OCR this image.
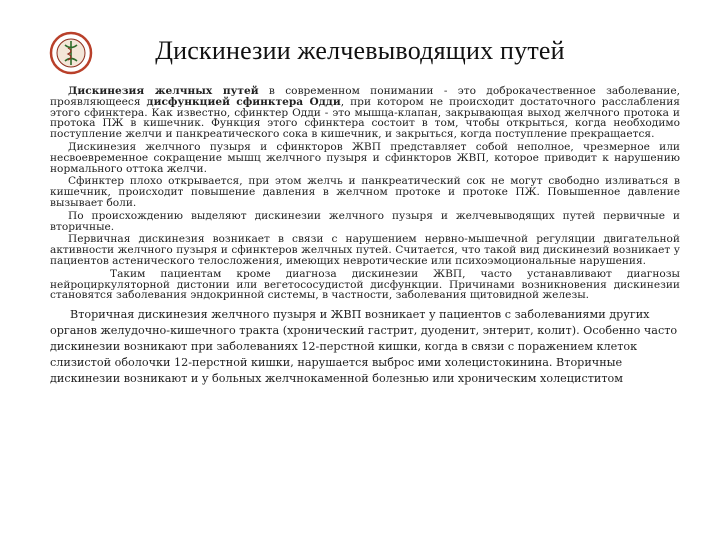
Дискинезии желчевыводящих путей

Дискинезия желчных путей в современном понимании - это доброкачественное заболевание, проявляющееся дисфункцией сфинктера Одди, при котором не происходит достаточного расслабления этого сфинктера. Как известно, сфинктер Одди - это мышца-клапан, закрывающая выход желчного протока и протока ПЖ в кишечник. Функция этого сфинктера состоит в том, чтобы открыться, когда необходимо поступление желчи и панкреатического сока в кишечник, и закрыться, когда поступление прекращается.

Дискинезия желчного пузыря и сфинкторов ЖВП представляет собой неполное, чрезмерное или несвоевременное сокращение мышц желчного пузыря и сфинкторов ЖВП, которое приводит к нарушению нормального оттока желчи.

Сфинктер плохо открывается, при этом желчь и панкреатический сок не могут свободно изливаться в кишечник, происходит повышение давления в желчном протоке и протоке ПЖ. Повышенное давление вызывает боли.

По происхождению выделяют дискинезии желчного пузыря и желчевыводящих путей первичные и вторичные.

Первичная дискинезия возникает в связи с нарушением нервно-мышечной регуляции двигательной активности желчного пузыря и сфинктеров желчных путей. Считается, что такой вид дискинезий возникает у пациентов астенического телосложения, имеющих невротические или психоэмоциональные нарушения.

Таким пациентам кроме диагноза дискинезии ЖВП, часто устанавливают диагнозы нейроциркуляторной дистонии или вегетососудистой дисфункции. Причинами возникновения дискинезии становятся заболевания эндокринной системы, в частности, заболевания щитовидной железы.

Вторичная дискинезия желчного пузыря и ЖВП возникает у пациентов с заболеваниями других органов желудочно-кишечного тракта (хронический гастрит, дуоденит, энтерит, колит). Особенно часто дискинезии возникают при заболеваниях 12-перстной кишки, когда в связи с поражением клеток слизистой оболочки 12-перстной кишки, нарушается выброс ими холецистокинина. Вторичные дискинезии возникают и у больных желчнокаменной болезнью или хроническим холециститом
